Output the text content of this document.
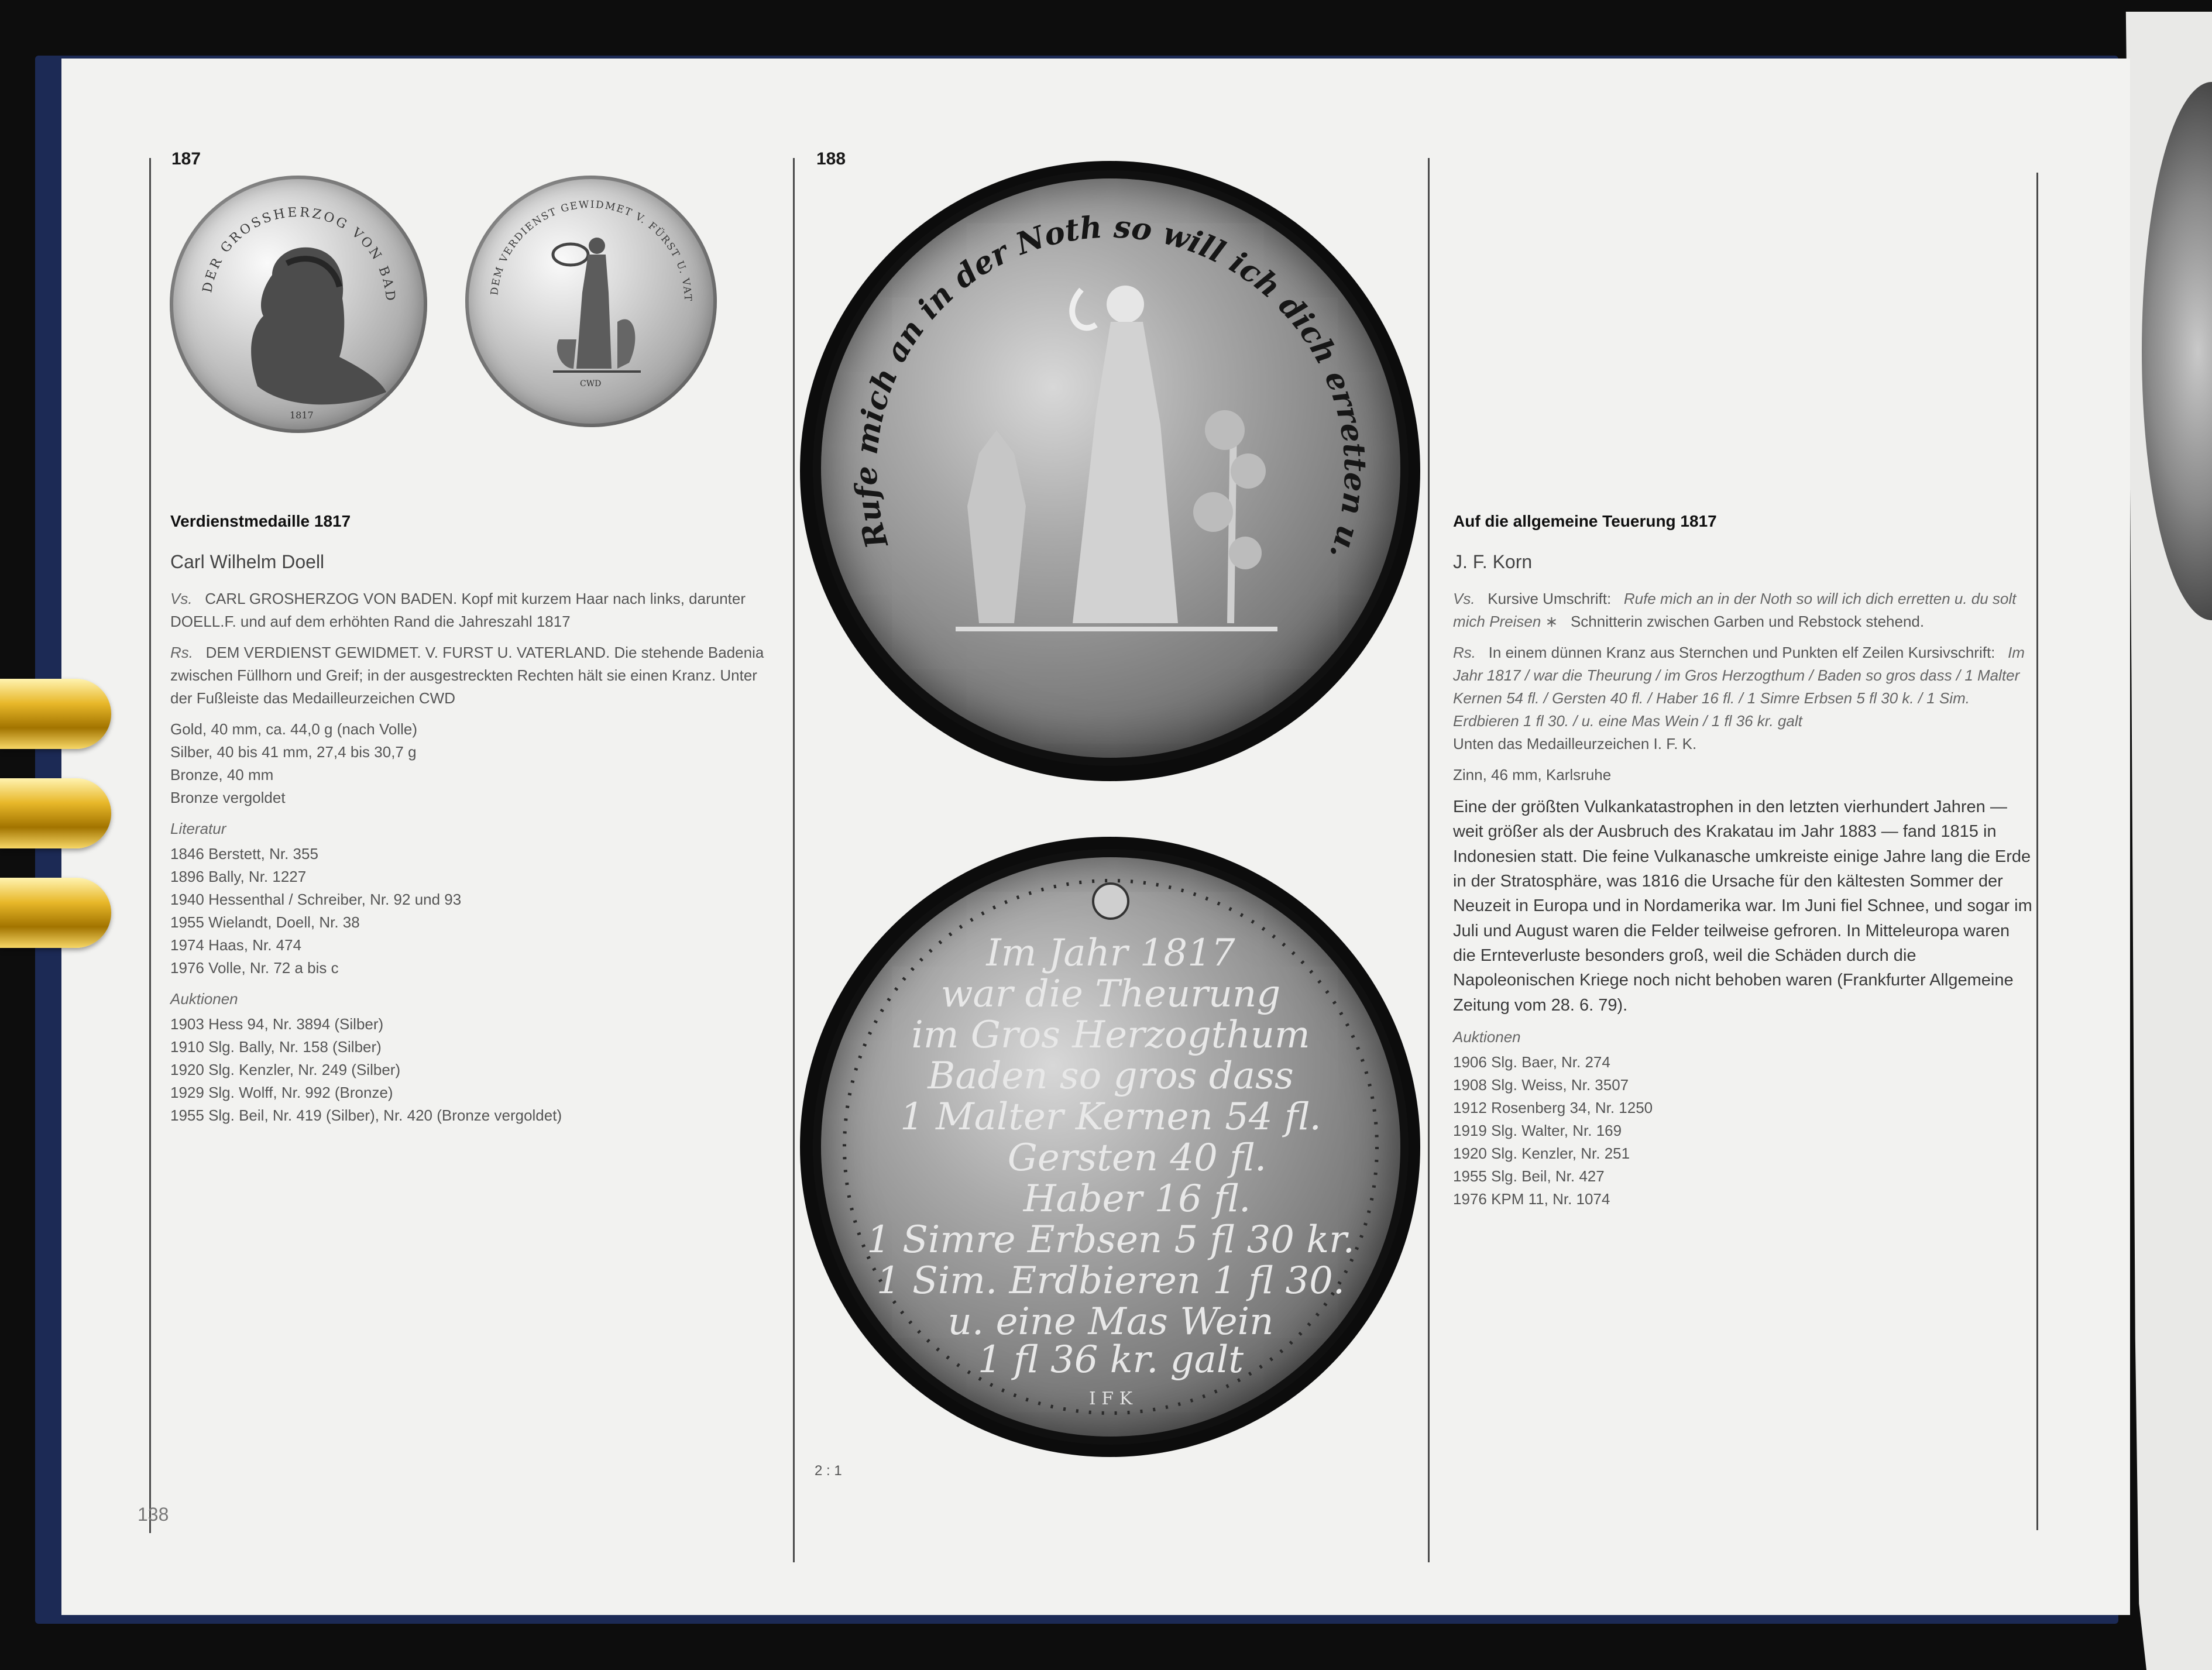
187
DER GROSSHERZOG VON BAD
1817
DEM VERDIENST GEWIDMET V. FÜRST U. VAT
CWD
Verdienstmedaille 1817
Carl Wilhelm Doell
Vs. CARL GROSHERZOG VON BADEN. Kopf mit kurzem Haar nach links, darunter DOELL.F. und auf dem erhöhten Rand die Jahreszahl 1817
Rs. DEM VERDIENST GEWIDMET. V. FURST U. VATERLAND. Die stehende Badenia zwischen Füllhorn und Greif; in der ausgestreckten Rechten hält sie einen Kranz. Unter der Fußleiste das Medailleurzeichen CWD
Gold, 40 mm, ca. 44,0 g (nach Volle)
Silber, 40 bis 41 mm, 27,4 bis 30,7 g
Bronze, 40 mm
Bronze vergoldet
Literatur
1846 Berstett, Nr. 355
1896 Bally, Nr. 1227
1940 Hessenthal / Schreiber, Nr. 92 und 93
1955 Wielandt, Doell, Nr. 38
1974 Haas, Nr. 474
1976 Volle, Nr. 72 a bis c
Auktionen
1903 Hess 94, Nr. 3894 (Silber)
1910 Slg. Bally, Nr. 158 (Silber)
1920 Slg. Kenzler, Nr. 249 (Silber)
1929 Slg. Wolff, Nr. 992 (Bronze)
1955 Slg. Beil, Nr. 419 (Silber), Nr. 420 (Bronze vergoldet)
138
188
Rufe mich an in der Noth so will ich dich erretten u.
Im Jahr 1817
war die Theurung
im Gros Herzogthum
Baden so gros dass
1 Malter Kernen 54 fl.
Gersten 40 fl.
Haber 16 fl.
1 Simre Erbsen 5 fl 30 kr.
1 Sim. Erdbieren 1 fl 30.
u. eine Mas Wein
1 fl 36 kr. galt
I F K
2 : 1
Auf die allgemeine Teuerung 1817
J. F. Korn
Vs. Kursive Umschrift: Rufe mich an in der Noth so will ich dich erretten u. du solt mich Preisen ∗ Schnitterin zwischen Garben und Rebstock stehend.
Rs. In einem dünnen Kranz aus Sternchen und Punkten elf Zeilen Kursivschrift: Im Jahr 1817 / war die Theurung / im Gros Herzogthum / Baden so gros dass / 1 Malter Kernen 54 fl. / Gersten 40 fl. / Haber 16 fl. / 1 Simre Erbsen 5 fl 30 k. / 1 Sim. Erdbieren 1 fl 30. / u. eine Mas Wein / 1 fl 36 kr. galt
Unten das Medailleurzeichen I. F. K.
Zinn, 46 mm, Karlsruhe
Eine der größten Vulkankatastrophen in den letzten vierhundert Jahren — weit größer als der Ausbruch des Krakatau im Jahr 1883 — fand 1815 in Indonesien statt. Die feine Vulkanasche umkreiste einige Jahre lang die Erde in der Stratosphäre, was 1816 die Ursache für den kältesten Sommer der Neuzeit in Europa und in Nordamerika war. Im Juni fiel Schnee, und sogar im Juli und August waren die Felder teilweise gefroren. In Mitteleuropa waren die Ernteverluste besonders groß, weil die Schäden durch die Napoleonischen Kriege noch nicht behoben waren (Frankfurter Allgemeine Zeitung vom 28. 6. 79).
Auktionen
1906 Slg. Baer, Nr. 274
1908 Slg. Weiss, Nr. 3507
1912 Rosenberg 34, Nr. 1250
1919 Slg. Walter, Nr. 169
1920 Slg. Kenzler, Nr. 251
1955 Slg. Beil, Nr. 427
1976 KPM 11, Nr. 1074
